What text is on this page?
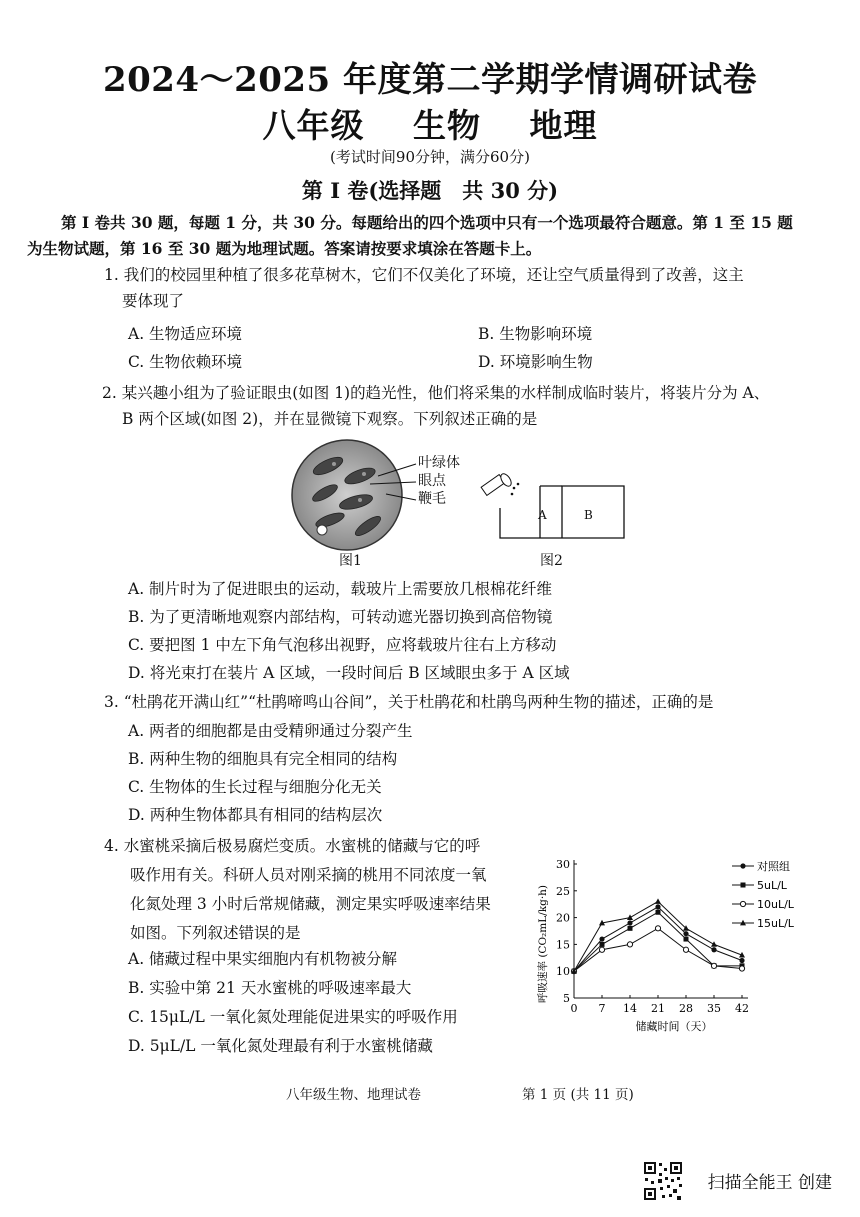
2024～2025 年度第二学期学情调研试卷
八年级 生物 地理
(考试时间90分钟，满分60分)
第 I 卷(选择题　共 30 分)
第 I 卷共 30 题，每题 1 分，共 30 分。每题给出的四个选项中只有一个选项最符合题意。第 1 至 15 题为生物试题，第 16 至 30 题为地理试题。答案请按要求填涂在答题卡上。
1. 我们的校园里种植了很多花草树木，它们不仅美化了环境，还让空气质量得到了改善，这主
要体现了
A. 生物适应环境	B. 生物影响环境
C. 生物依赖环境	D. 环境影响生物
2. 某兴趣小组为了验证眼虫(如图 1)的趋光性，他们将采集的水样制成临时装片，将装片分为 A、
B 两个区域(如图 2)，并在显微镜下观察。下列叙述正确的是
叶绿体
眼点
鞭毛
图1
A	B
图2
A. 制片时为了促进眼虫的运动，载玻片上需要放几根棉花纤维
B. 为了更清晰地观察内部结构，可转动遮光器切换到高倍物镜
C. 要把图 1 中左下角气泡移出视野，应将载玻片往右上方移动
D. 将光束打在装片 A 区域，一段时间后 B 区域眼虫多于 A 区域
3. “杜鹃花开满山红”“杜鹃啼鸣山谷间”，关于杜鹃花和杜鹃鸟两种生物的描述，正确的是
A. 两者的细胞都是由受精卵通过分裂产生
B. 两种生物的细胞具有完全相同的结构
C. 生物体的生长过程与细胞分化无关
D. 两种生物体都具有相同的结构层次
4. 水蜜桃采摘后极易腐烂变质。水蜜桃的储藏与它的呼
吸作用有关。科研人员对刚采摘的桃用不同浓度一氧
化氮处理 3 小时后常规储藏，测定果实呼吸速率结果
如图。下列叙述错误的是
A. 储藏过程中果实细胞内有机物被分解
B. 实验中第 21 天水蜜桃的呼吸速率最大
C. 15μL/L 一氧化氮处理能促进果实的呼吸作用
D. 5μL/L 一氧化氮处理最有利于水蜜桃储藏
5
10
15
20
25
30
0 7 14 21 28 35 42
对照组
5uL/L
10uL/L
15uL/L
呼吸速率 (CO₂mL/kg·h)
储藏时间（天）
八年级生物、地理试卷	第 1 页 (共 11 页)
扫描全能王 创建
